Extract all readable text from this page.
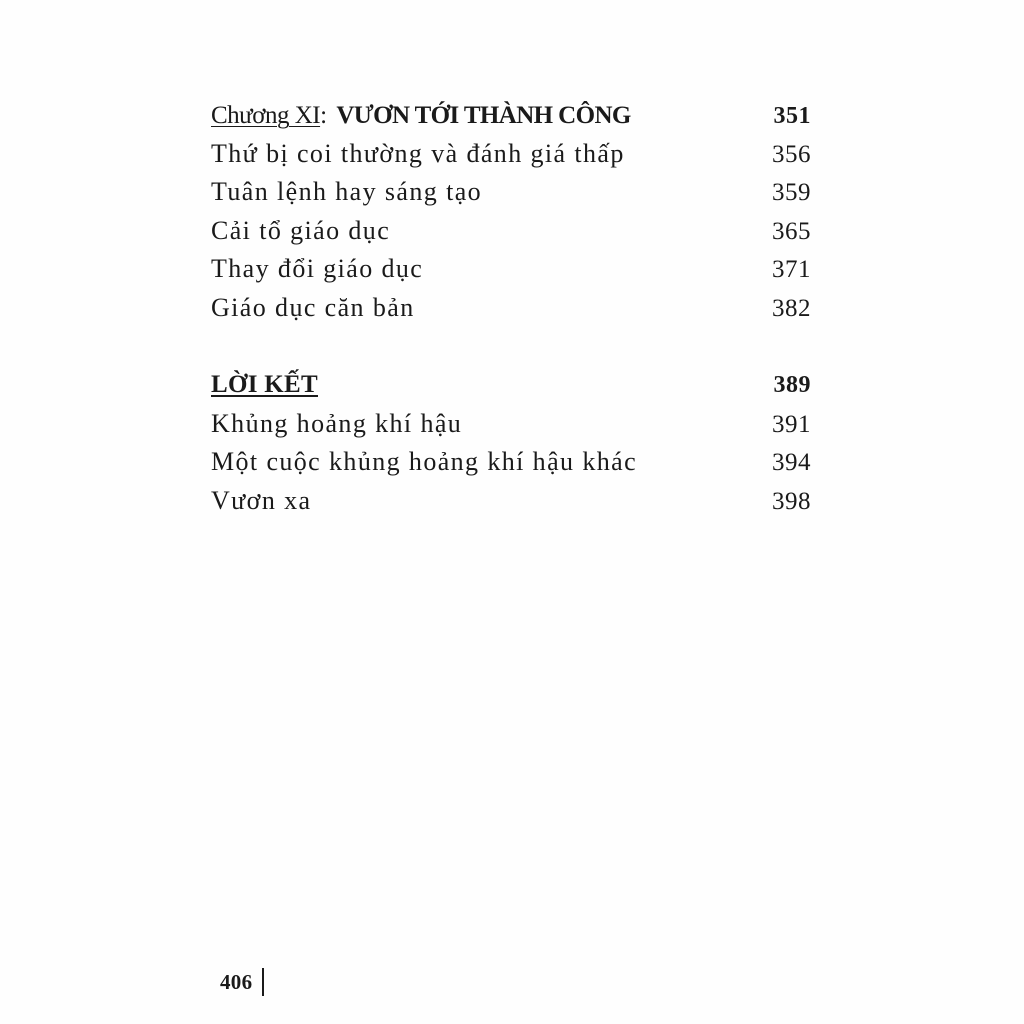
Chương XI: VƯƠN TỚI THÀNH CÔNG	351
Thứ bị coi thường và đánh giá thấp	356
Tuân lệnh hay sáng tạo	359
Cải tổ giáo dục	365
Thay đổi giáo dục	371
Giáo dục căn bản	382
LỜI KẾT	389
Khủng hoảng khí hậu	391
Một cuộc khủng hoảng khí hậu khác	394
Vươn xa	398
406
